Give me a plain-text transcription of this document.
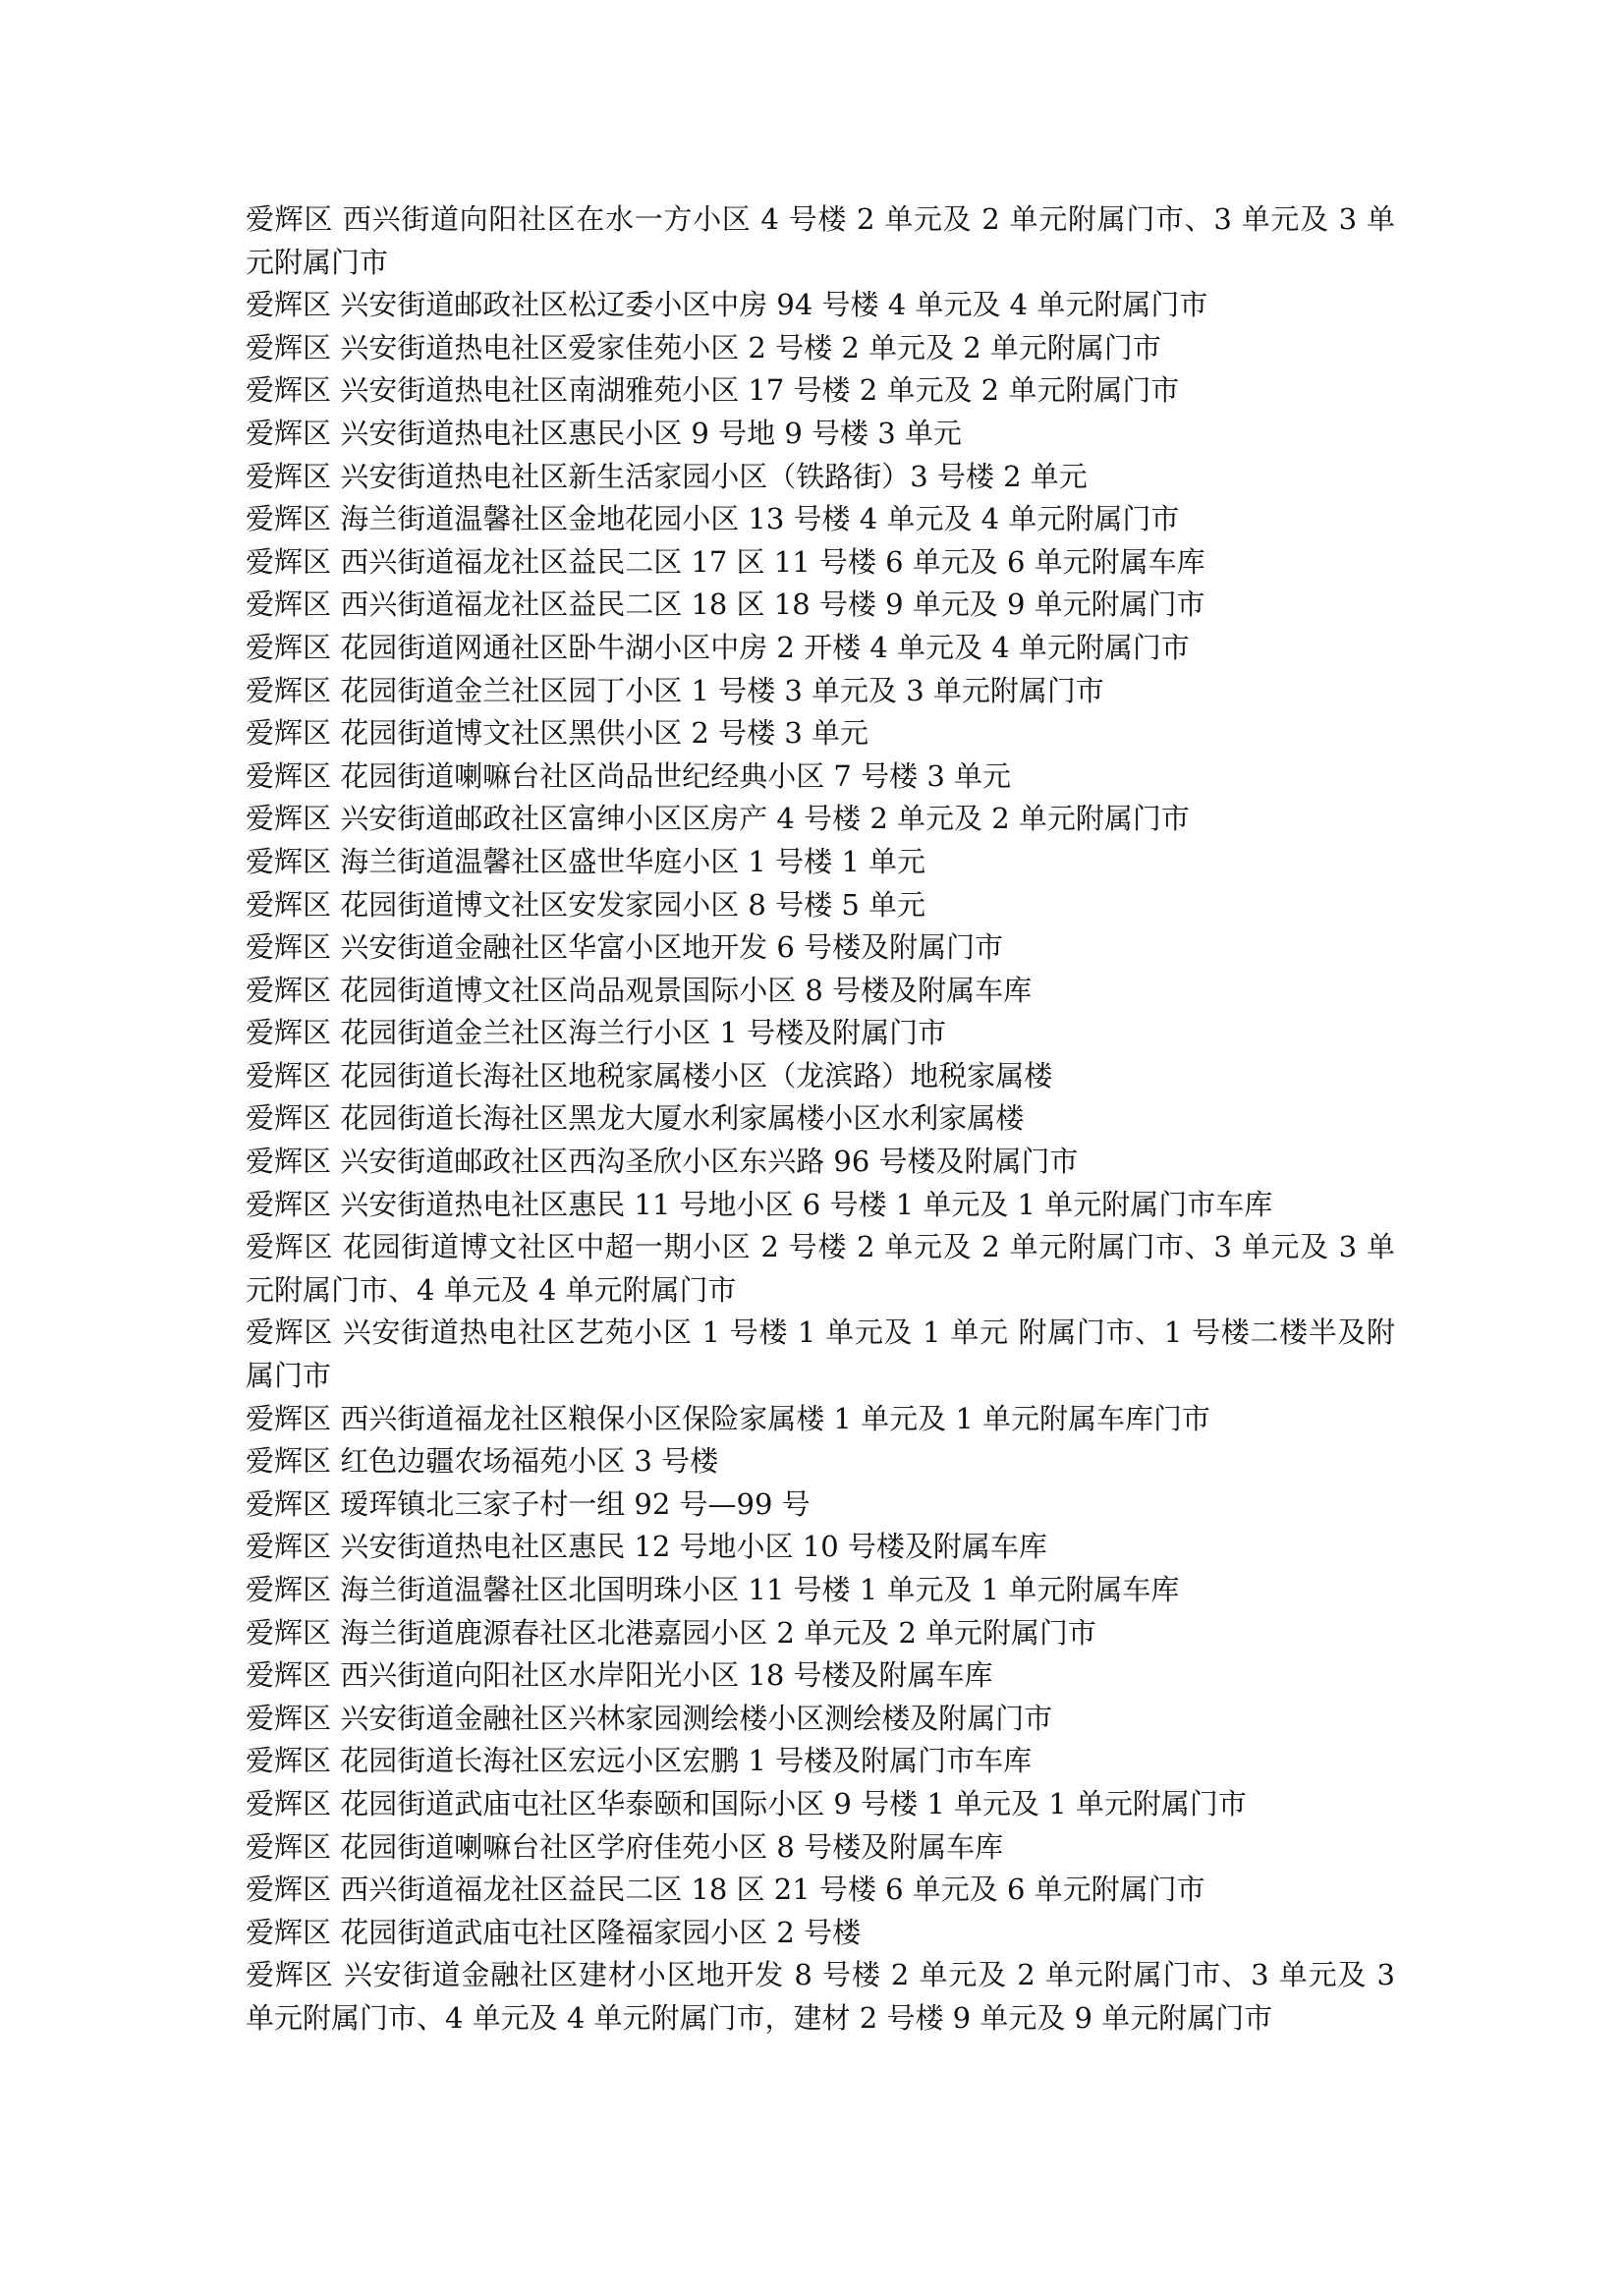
爱辉区 西兴街道向阳社区在水一方小区 4 号楼 2 单元及 2 单元附属门市、3 单元及 3 单元附属门市

爱辉区 兴安街道邮政社区松辽委小区中房 94 号楼 4 单元及 4 单元附属门市

爱辉区 兴安街道热电社区爱家佳苑小区 2 号楼 2 单元及 2 单元附属门市

爱辉区 兴安街道热电社区南湖雅苑小区 17 号楼 2 单元及 2 单元附属门市

爱辉区 兴安街道热电社区惠民小区 9 号地 9 号楼 3 单元

爱辉区 兴安街道热电社区新生活家园小区（铁路街）3 号楼 2 单元

爱辉区 海兰街道温馨社区金地花园小区 13 号楼 4 单元及 4 单元附属门市

爱辉区 西兴街道福龙社区益民二区 17 区 11 号楼 6 单元及 6 单元附属车库

爱辉区 西兴街道福龙社区益民二区 18 区 18 号楼 9 单元及 9 单元附属门市

爱辉区 花园街道网通社区卧牛湖小区中房 2 开楼 4 单元及 4 单元附属门市

爱辉区 花园街道金兰社区园丁小区 1 号楼 3 单元及 3 单元附属门市

爱辉区 花园街道博文社区黑供小区 2 号楼 3 单元

爱辉区 花园街道喇嘛台社区尚品世纪经典小区 7 号楼 3 单元

爱辉区 兴安街道邮政社区富绅小区区房产 4 号楼 2 单元及 2 单元附属门市

爱辉区 海兰街道温馨社区盛世华庭小区 1 号楼 1 单元

爱辉区 花园街道博文社区安发家园小区 8 号楼 5 单元

爱辉区 兴安街道金融社区华富小区地开发 6 号楼及附属门市

爱辉区 花园街道博文社区尚品观景国际小区 8 号楼及附属车库

爱辉区 花园街道金兰社区海兰行小区 1 号楼及附属门市

爱辉区 花园街道长海社区地税家属楼小区（龙滨路）地税家属楼

爱辉区 花园街道长海社区黑龙大厦水利家属楼小区水利家属楼

爱辉区 兴安街道邮政社区西沟圣欣小区东兴路 96 号楼及附属门市

爱辉区 兴安街道热电社区惠民 11 号地小区 6 号楼 1 单元及 1 单元附属门市车库

爱辉区 花园街道博文社区中超一期小区 2 号楼 2 单元及 2 单元附属门市、3 单元及 3 单元附属门市、4 单元及 4 单元附属门市

爱辉区 兴安街道热电社区艺苑小区 1 号楼 1 单元及 1 单元 附属门市、1 号楼二楼半及附属门市

爱辉区 西兴街道福龙社区粮保小区保险家属楼 1 单元及 1 单元附属车库门市

爱辉区 红色边疆农场福苑小区 3 号楼

爱辉区 瑷珲镇北三家子村一组 92 号—99 号

爱辉区 兴安街道热电社区惠民 12 号地小区 10 号楼及附属车库

爱辉区 海兰街道温馨社区北国明珠小区 11 号楼 1 单元及 1 单元附属车库

爱辉区 海兰街道鹿源春社区北港嘉园小区 2 单元及 2 单元附属门市

爱辉区 西兴街道向阳社区水岸阳光小区 18 号楼及附属车库

爱辉区 兴安街道金融社区兴林家园测绘楼小区测绘楼及附属门市

爱辉区 花园街道长海社区宏远小区宏鹏 1 号楼及附属门市车库

爱辉区 花园街道武庙屯社区华泰颐和国际小区 9 号楼 1 单元及 1 单元附属门市

爱辉区 花园街道喇嘛台社区学府佳苑小区 8 号楼及附属车库

爱辉区 西兴街道福龙社区益民二区 18 区 21 号楼 6 单元及 6 单元附属门市

爱辉区 花园街道武庙屯社区隆福家园小区 2 号楼

爱辉区 兴安街道金融社区建材小区地开发 8 号楼 2 单元及 2 单元附属门市、3 单元及 3 单元附属门市、4 单元及 4 单元附属门市，建材 2 号楼 9 单元及 9 单元附属门市
